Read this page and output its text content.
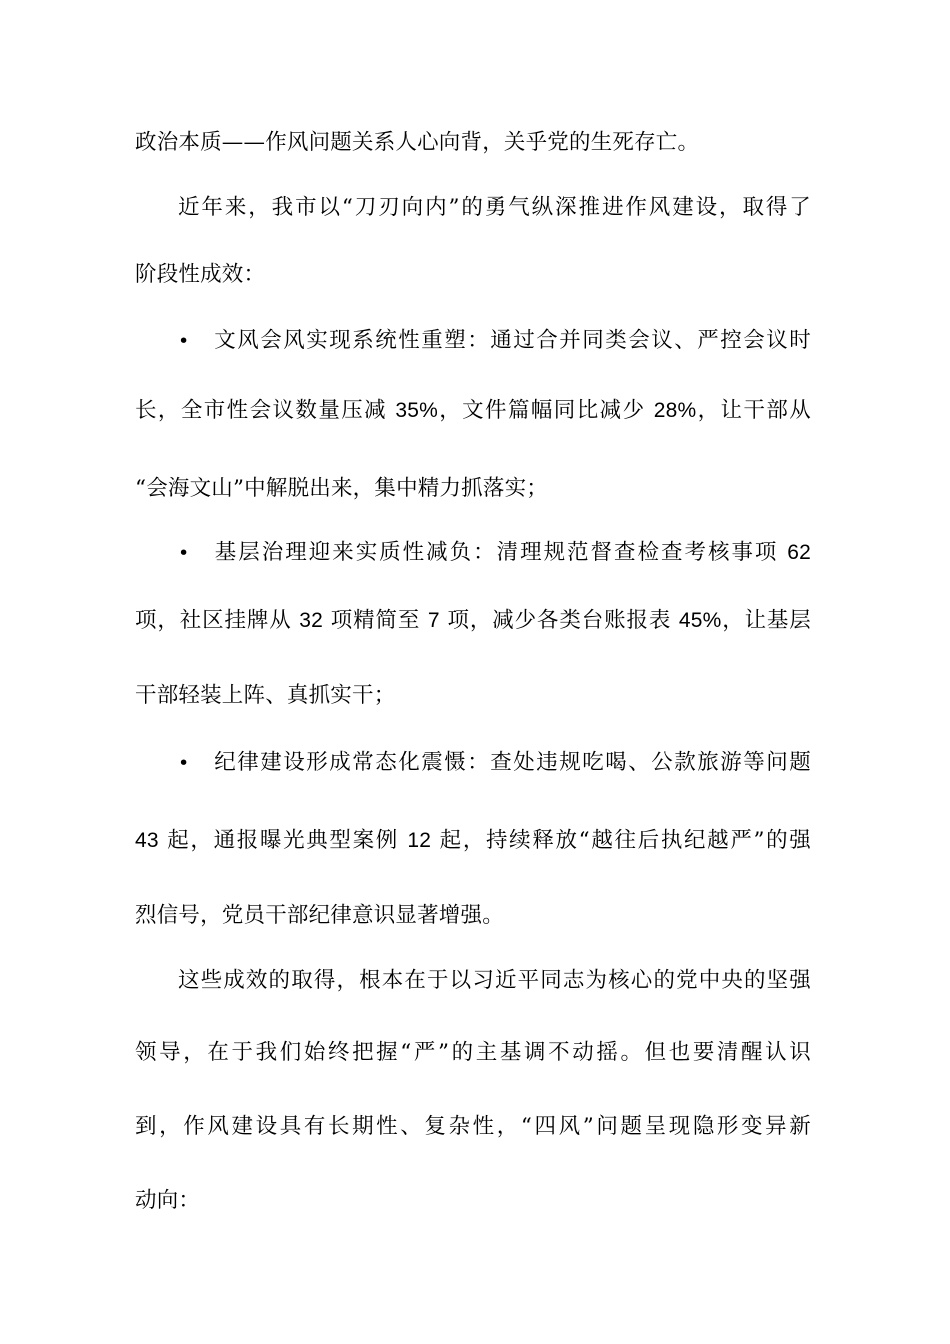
政治本质——作风问题关系人心向背，关乎党的生死存亡。
近年来，我市以“刀刃向内”的勇气纵深推进作风建设，取得了
阶段性成效：
• 文风会风实现系统性重塑：通过合并同类会议、严控会议时
长，全市性会议数量压减 35%，文件篇幅同比减少 28%，让干部从
“会海文山”中解脱出来，集中精力抓落实；
• 基层治理迎来实质性减负：清理规范督查检查考核事项 62
项，社区挂牌从 32 项精简至 7 项，减少各类台账报表 45%，让基层
干部轻装上阵、真抓实干；
• 纪律建设形成常态化震慑：查处违规吃喝、公款旅游等问题
43 起，通报曝光典型案例 12 起，持续释放“越往后执纪越严”的强
烈信号，党员干部纪律意识显著增强。
这些成效的取得，根本在于以习近平同志为核心的党中央的坚强
领导，在于我们始终把握“严”的主基调不动摇。但也要清醒认识
到，作风建设具有长期性、复杂性，“四风”问题呈现隐形变异新
动向：
